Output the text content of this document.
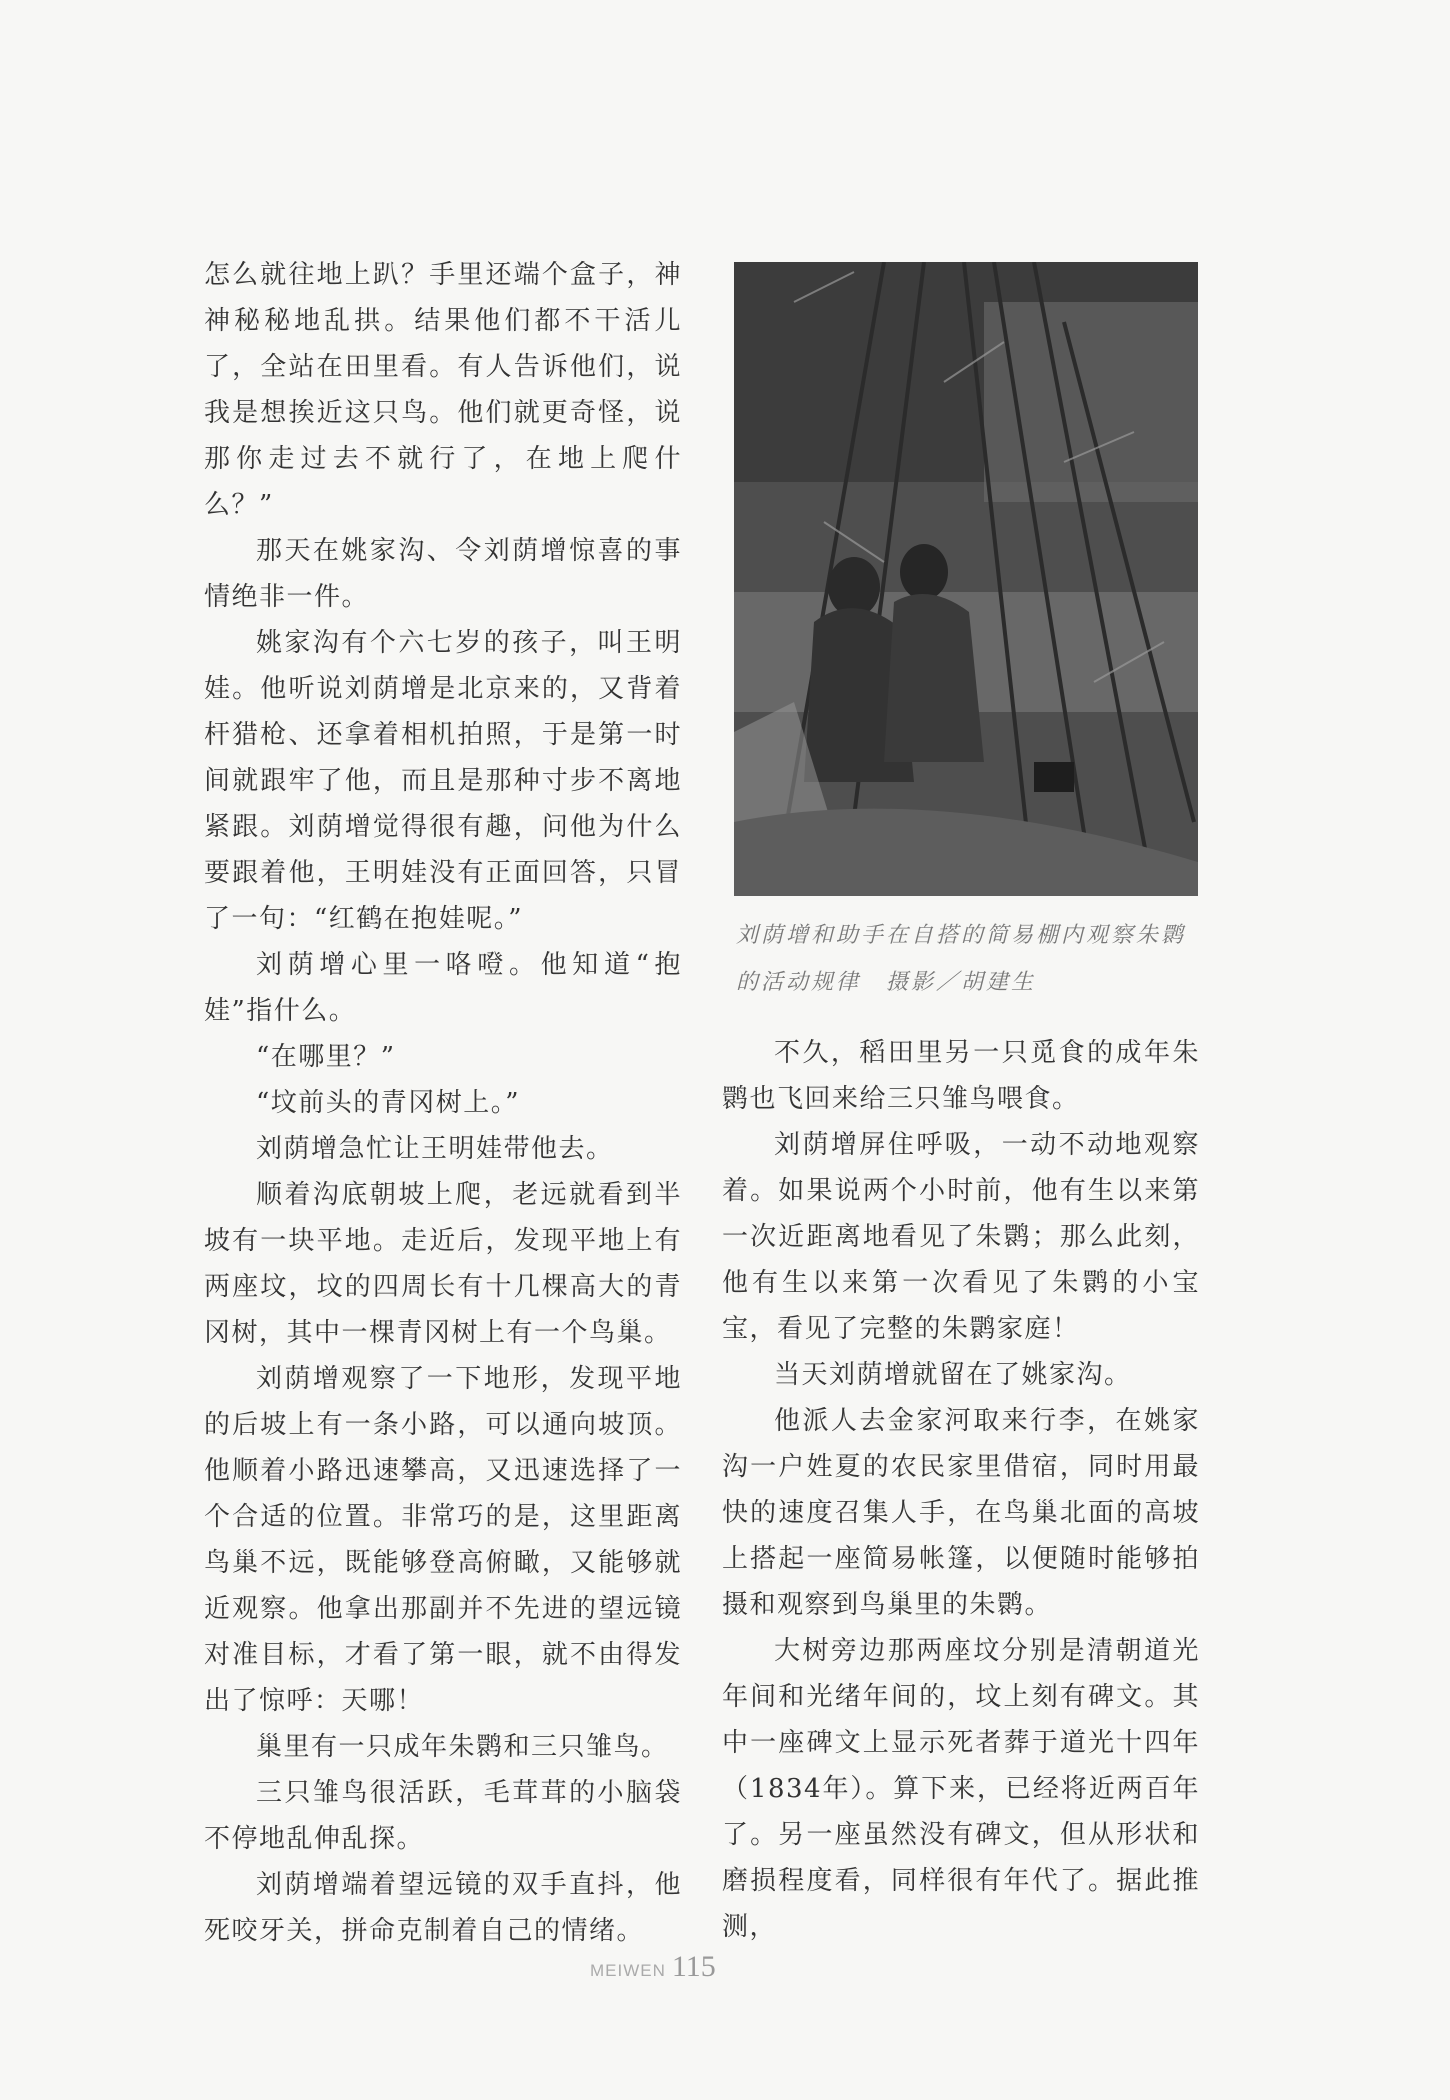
怎么就往地上趴？手里还端个盒子，神神秘秘地乱拱。结果他们都不干活儿了，全站在田里看。有人告诉他们，说我是想挨近这只鸟。他们就更奇怪，说那你走过去不就行了，在地上爬什么？”

那天在姚家沟、令刘荫增惊喜的事情绝非一件。

姚家沟有个六七岁的孩子，叫王明娃。他听说刘荫增是北京来的，又背着杆猎枪、还拿着相机拍照，于是第一时间就跟牢了他，而且是那种寸步不离地紧跟。刘荫增觉得很有趣，问他为什么要跟着他，王明娃没有正面回答，只冒了一句：“红鹤在抱娃呢。”

刘荫增心里一咯噔。他知道“抱娃”指什么。

“在哪里？”

“坟前头的青冈树上。”

刘荫增急忙让王明娃带他去。

顺着沟底朝坡上爬，老远就看到半坡有一块平地。走近后，发现平地上有两座坟，坟的四周长有十几棵高大的青冈树，其中一棵青冈树上有一个鸟巢。

刘荫增观察了一下地形，发现平地的后坡上有一条小路，可以通向坡顶。他顺着小路迅速攀高，又迅速选择了一个合适的位置。非常巧的是，这里距离鸟巢不远，既能够登高俯瞰，又能够就近观察。他拿出那副并不先进的望远镜对准目标，才看了第一眼，就不由得发出了惊呼：天哪！

巢里有一只成年朱鹮和三只雏鸟。

三只雏鸟很活跃，毛茸茸的小脑袋不停地乱伸乱探。

刘荫增端着望远镜的双手直抖，他死咬牙关，拼命克制着自己的情绪。

刘荫增和助手在自搭的简易棚内观察朱鹮的活动规律　摄影／胡建生

不久，稻田里另一只觅食的成年朱鹮也飞回来给三只雏鸟喂食。

刘荫增屏住呼吸，一动不动地观察着。如果说两个小时前，他有生以来第一次近距离地看见了朱鹮；那么此刻，他有生以来第一次看见了朱鹮的小宝宝，看见了完整的朱鹮家庭！

当天刘荫增就留在了姚家沟。

他派人去金家河取来行李，在姚家沟一户姓夏的农民家里借宿，同时用最快的速度召集人手，在鸟巢北面的高坡上搭起一座简易帐篷，以便随时能够拍摄和观察到鸟巢里的朱鹮。

大树旁边那两座坟分别是清朝道光年间和光绪年间的，坟上刻有碑文。其中一座碑文上显示死者葬于道光十四年（1834年）。算下来，已经将近两百年了。另一座虽然没有碑文，但从形状和磨损程度看，同样很有年代了。据此推测，

MEIWEN 115
